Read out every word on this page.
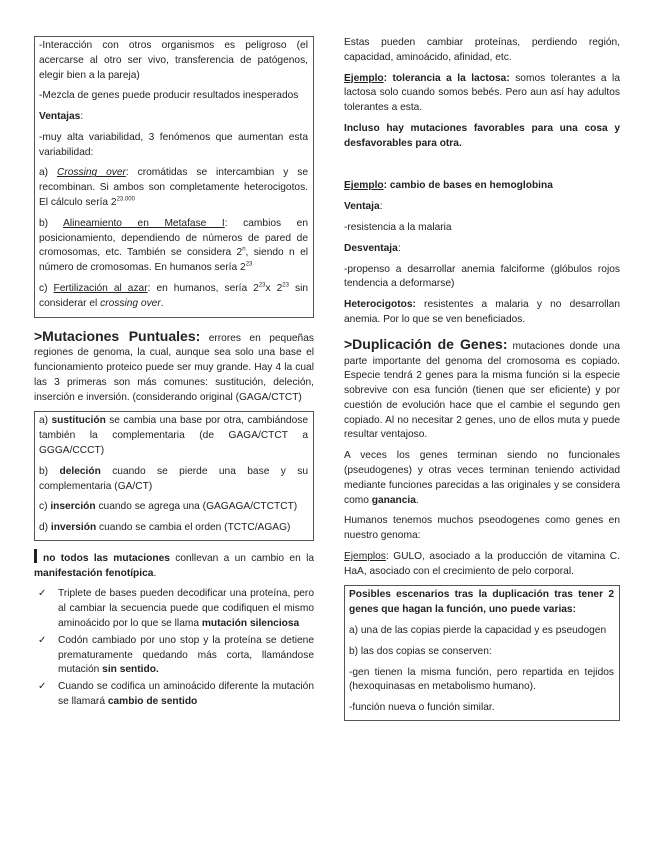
-Interacción con otros organismos es peligroso (el acercarse al otro ser vivo, transferencia de patógenos, elegir bien a la pareja)

-Mezcla de genes puede producir resultados inesperados

Ventajas:

-muy alta variabilidad, 3 fenómenos que aumentan esta variabilidad:

a) Crossing over: cromátidas se intercambian y se recombinan. Si ambos son completamente heterocigotos. El cálculo sería $2^{23.000}$

b) Alineamiento en Metafase I: cambios en posicionamiento, dependiendo de números de pared de cromosomas, etc. También se considera 2$^n$, siendo n el número de cromosomas. En humanos sería $2^{23}$

c) Fertilización al azar: en humanos, sería $2^{23}x$ $2^{23}$ sin considerar el crossing over.

>Mutaciones Puntuales: errores en pequeñas regiones de genoma, la cual, aunque sea solo una base el funcionamiento proteico puede ser muy grande. Hay 4 la cual las 3 primeras son más comunes: sustitución, deleción, inserción e inversión. (considerando original (GAGA/CTCT)

a) sustitución se cambia una base por otra, cambiándose también la complementaria (de GAGA/CTCT a GGGA/CCCT)

b) deleción cuando se pierde una base y su complementaria (GA/CT)

c) inserción cuando se agrega una (GAGAGA/CTCTCT)

d) inversión cuando se cambia el orden (TCTC/AGAG)

no todos las mutaciones conllevan a un cambio en la manifestación fenotípica.

✓ Triplete de bases pueden decodificar una proteína, pero al cambiar la secuencia puede que codifiquen el mismo aminoácido por lo que se llama mutación silenciosa
✓ Codón cambiado por uno stop y la proteína se detiene prematuramente quedando más corta, llamándose mutación sin sentido.
✓ Cuando se codifica un aminoácido diferente la mutación se llamará cambio de sentido

Estas pueden cambiar proteínas, perdiendo región, capacidad, aminoácido, afinidad, etc.

Ejemplo: tolerancia a la lactosa: somos tolerantes a la lactosa solo cuando somos bebés. Pero aun así hay adultos tolerantes a esta.

Incluso hay mutaciones favorables para una cosa y desfavorables para otra.

Ejemplo: cambio de bases en hemoglobina

Ventaja:

-resistencia a la malaria

Desventaja:

-propenso a desarrollar anemia falciforme (glóbulos rojos tendencia a deformarse)

Heterocigotos: resistentes a malaria y no desarrollan anemia. Por lo que se ven beneficiados.

>Duplicación de Genes: mutaciones donde una parte importante del genoma del cromosoma es copiado. Especie tendrá 2 genes para la misma función si la especie sobrevive con esa función (tienen que ser eficiente) y por cuestión de evolución hace que el cambie el segundo gen copiado. Al no necesitar 2 genes, uno de ellos muta y puede resultar ventajoso.

A veces los genes terminan siendo no funcionales (pseudogenes) y otras veces terminan teniendo actividad mediante funciones parecidas a las originales y se considera como ganancia.

Humanos tenemos muchos pseodogenes como genes en nuestro genoma:

Ejemplos: GULO, asociado a la producción de vitamina C. HaA, asociado con el crecimiento de pelo corporal.

Posibles escenarios tras la duplicación tras tener 2 genes que hagan la función, uno puede varias:

a) una de las copias pierde la capacidad y es pseudogen

b) las dos copias se conserven:

-gen tienen la misma función, pero repartida en tejidos (hexoquinasas en metabolismo humano).

-función nueva o función similar.
